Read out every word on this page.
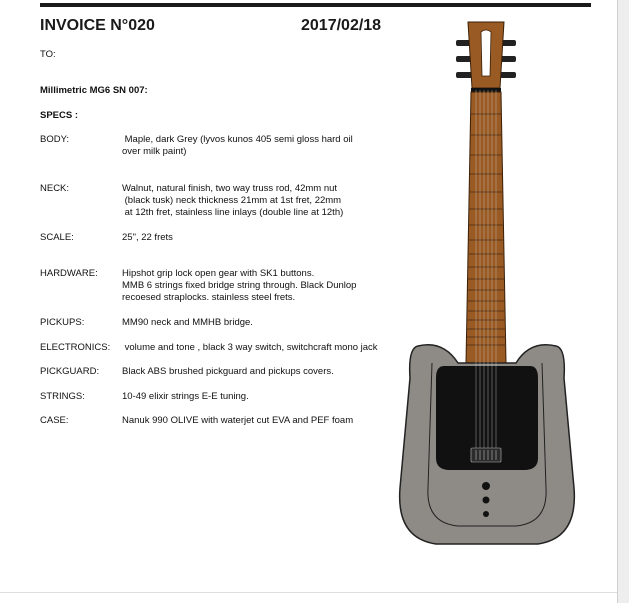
INVOICE N°020	2017/02/18
TO:
Millimetric MG6 SN 007:
SPECS :
BODY:	Maple, dark Grey (lyvos kunos 405 semi gloss hard oil
over milk paint)
NECK:	Walnut, natural finish, two way truss rod, 42mm nut
(black tusk) neck thickness 21mm at 1st fret, 22mm
at 12th fret, stainless line inlays (double line at 12th)
SCALE:	25", 22 frets
HARDWARE:	Hipshot grip lock open gear with SK1 buttons.
MMB 6 strings fixed bridge string through. Black Dunlop
recoesed straplocks. stainless steel frets.
PICKUPS:	MM90 neck and MMHB bridge.
ELECTRONICS: volume and tone , black 3 way switch, switchcraft mono jack
PICKGUARD: Black ABS brushed pickguard and pickups covers.
STRINGS:	10-49 elixir strings E-E tuning.
CASE:	Nanuk 990 OLIVE with waterjet cut EVA and PEF foam
